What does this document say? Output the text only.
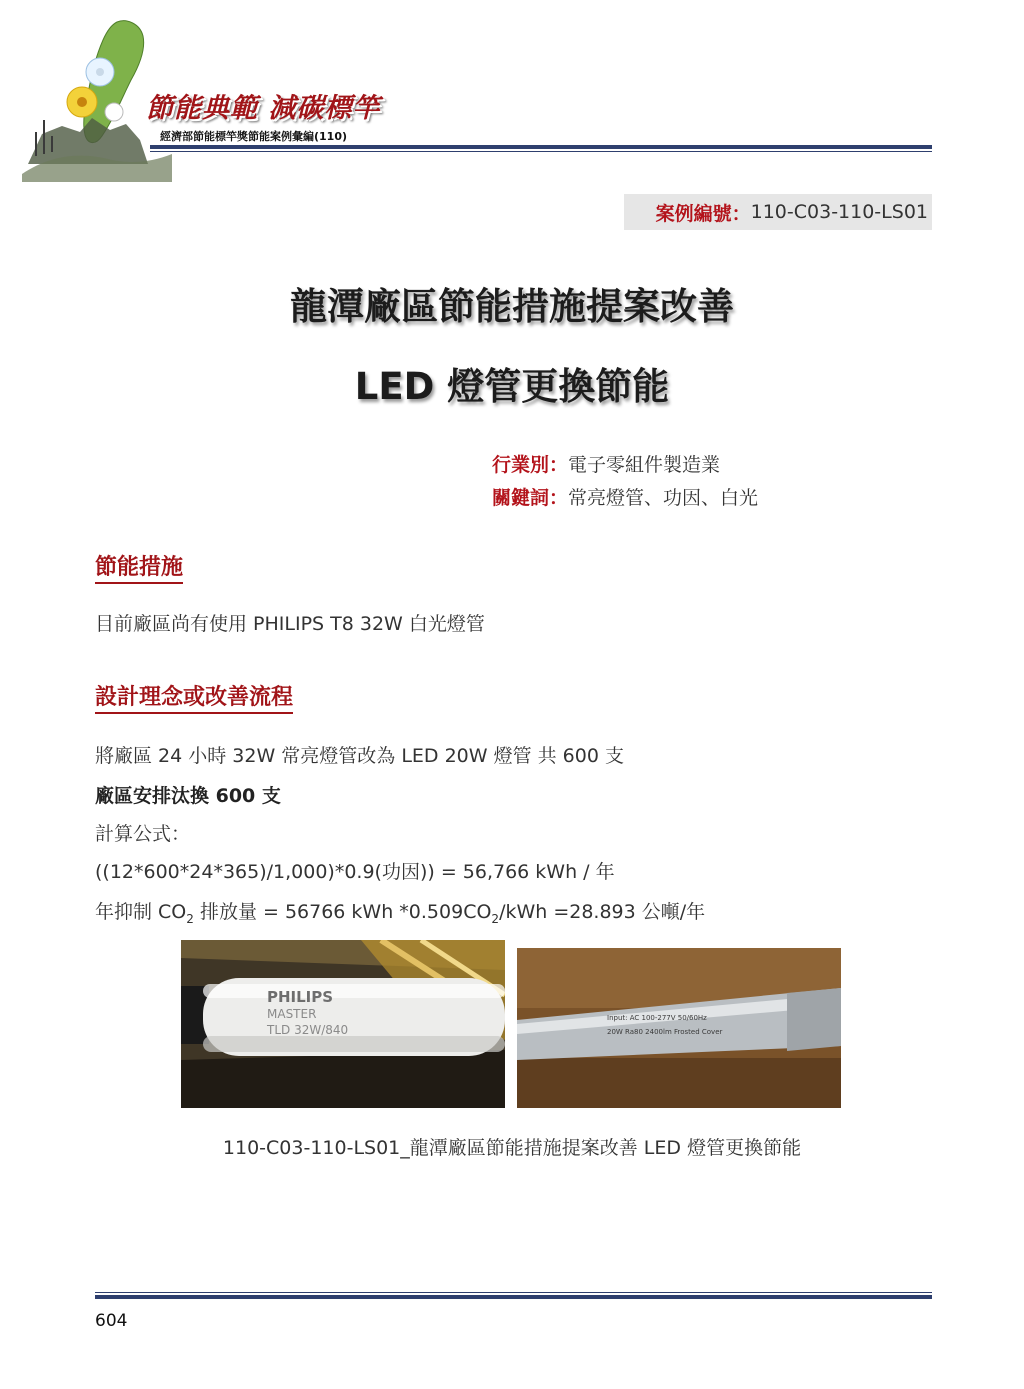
節能典範 減碳標竿
經濟部節能標竿獎節能案例彙編(110)
案例編號： 110-C03-110-LS01
龍潭廠區節能措施提案改善
LED 燈管更換節能
行業別：電子零組件製造業
關鍵詞：常亮燈管、功因、白光
節能措施
目前廠區尚有使用 PHILIPS T8 32W 白光燈管
設計理念或改善流程
將廠區 24 小時 32W 常亮燈管改為 LED 20W 燈管 共 600 支
廠區安排汰換 600 支
計算公式：
((12*600*24*365)/1,000)*0.9(功因)) = 56,766 kWh / 年
年抑制 $CO_2$ 排放量 = 56766 kWh $*0.509CO_2$/kWh =28.893 公噸/年
PHILIPS
MASTER
TLD 32W/840
Input: AC 100-277V 50/60Hz
20W Ra80 2400lm Frosted Cover
110-C03-110-LS01_龍潭廠區節能措施提案改善 LED 燈管更換節能
604
